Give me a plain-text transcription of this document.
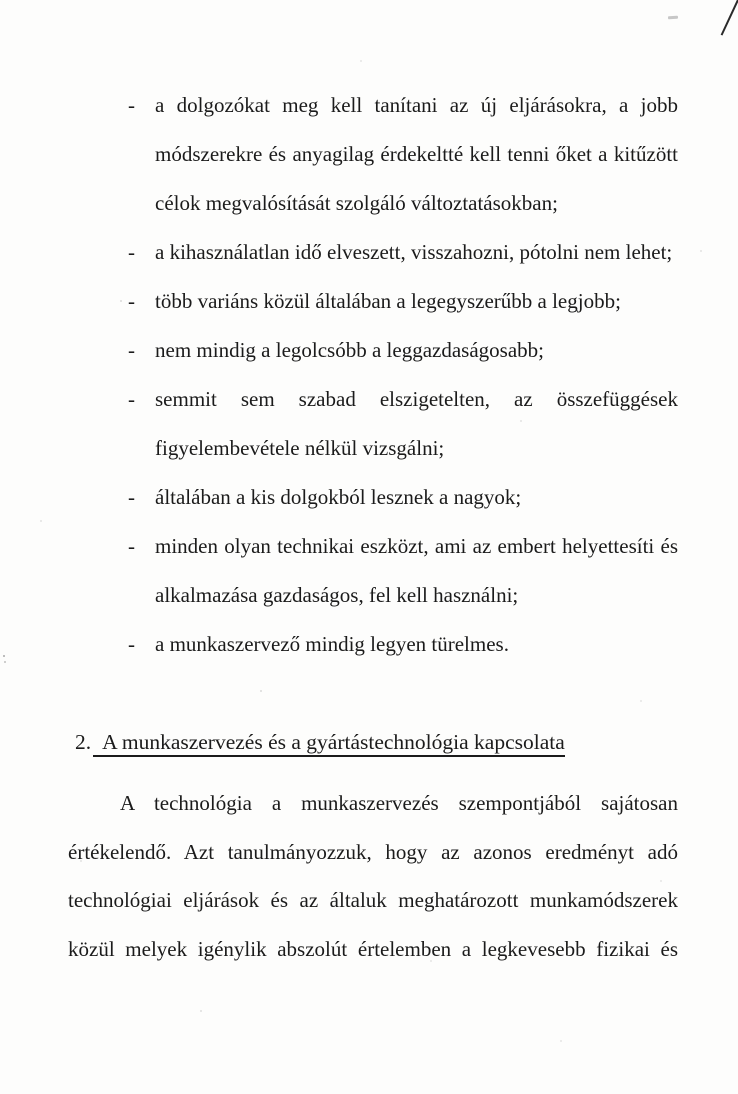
- a dolgozókat meg kell tanítani az új eljárásokra, a jobb
módszerekre és anyagilag érdekeltté kell tenni őket a kitűzött
célok megvalósítását szolgáló változtatásokban;
- a kihasználatlan idő elveszett, visszahozni, pótolni nem lehet;
- több variáns közül általában a legegyszerűbb a legjobb;
- nem mindig a legolcsóbb a leggazdaságosabb;
- semmit sem szabad elszigetelten, az összefüggések
figyelembevétele nélkül vizsgálni;
- általában a kis dolgokból lesznek a nagyok;
- minden olyan technikai eszközt, ami az embert helyettesíti és
alkalmazása gazdaságos, fel kell használni;
- a munkaszervező mindig legyen türelmes.
2. A munkaszervezés és a gyártástechnológia kapcsolata
A technológia a munkaszervezés szempontjából sajátosan
értékelendő. Azt tanulmányozzuk, hogy az azonos eredményt adó
technológiai eljárások és az általuk meghatározott munkamódszerek
közül melyek igénylik abszolút értelemben a legkevesebb fizikai és
